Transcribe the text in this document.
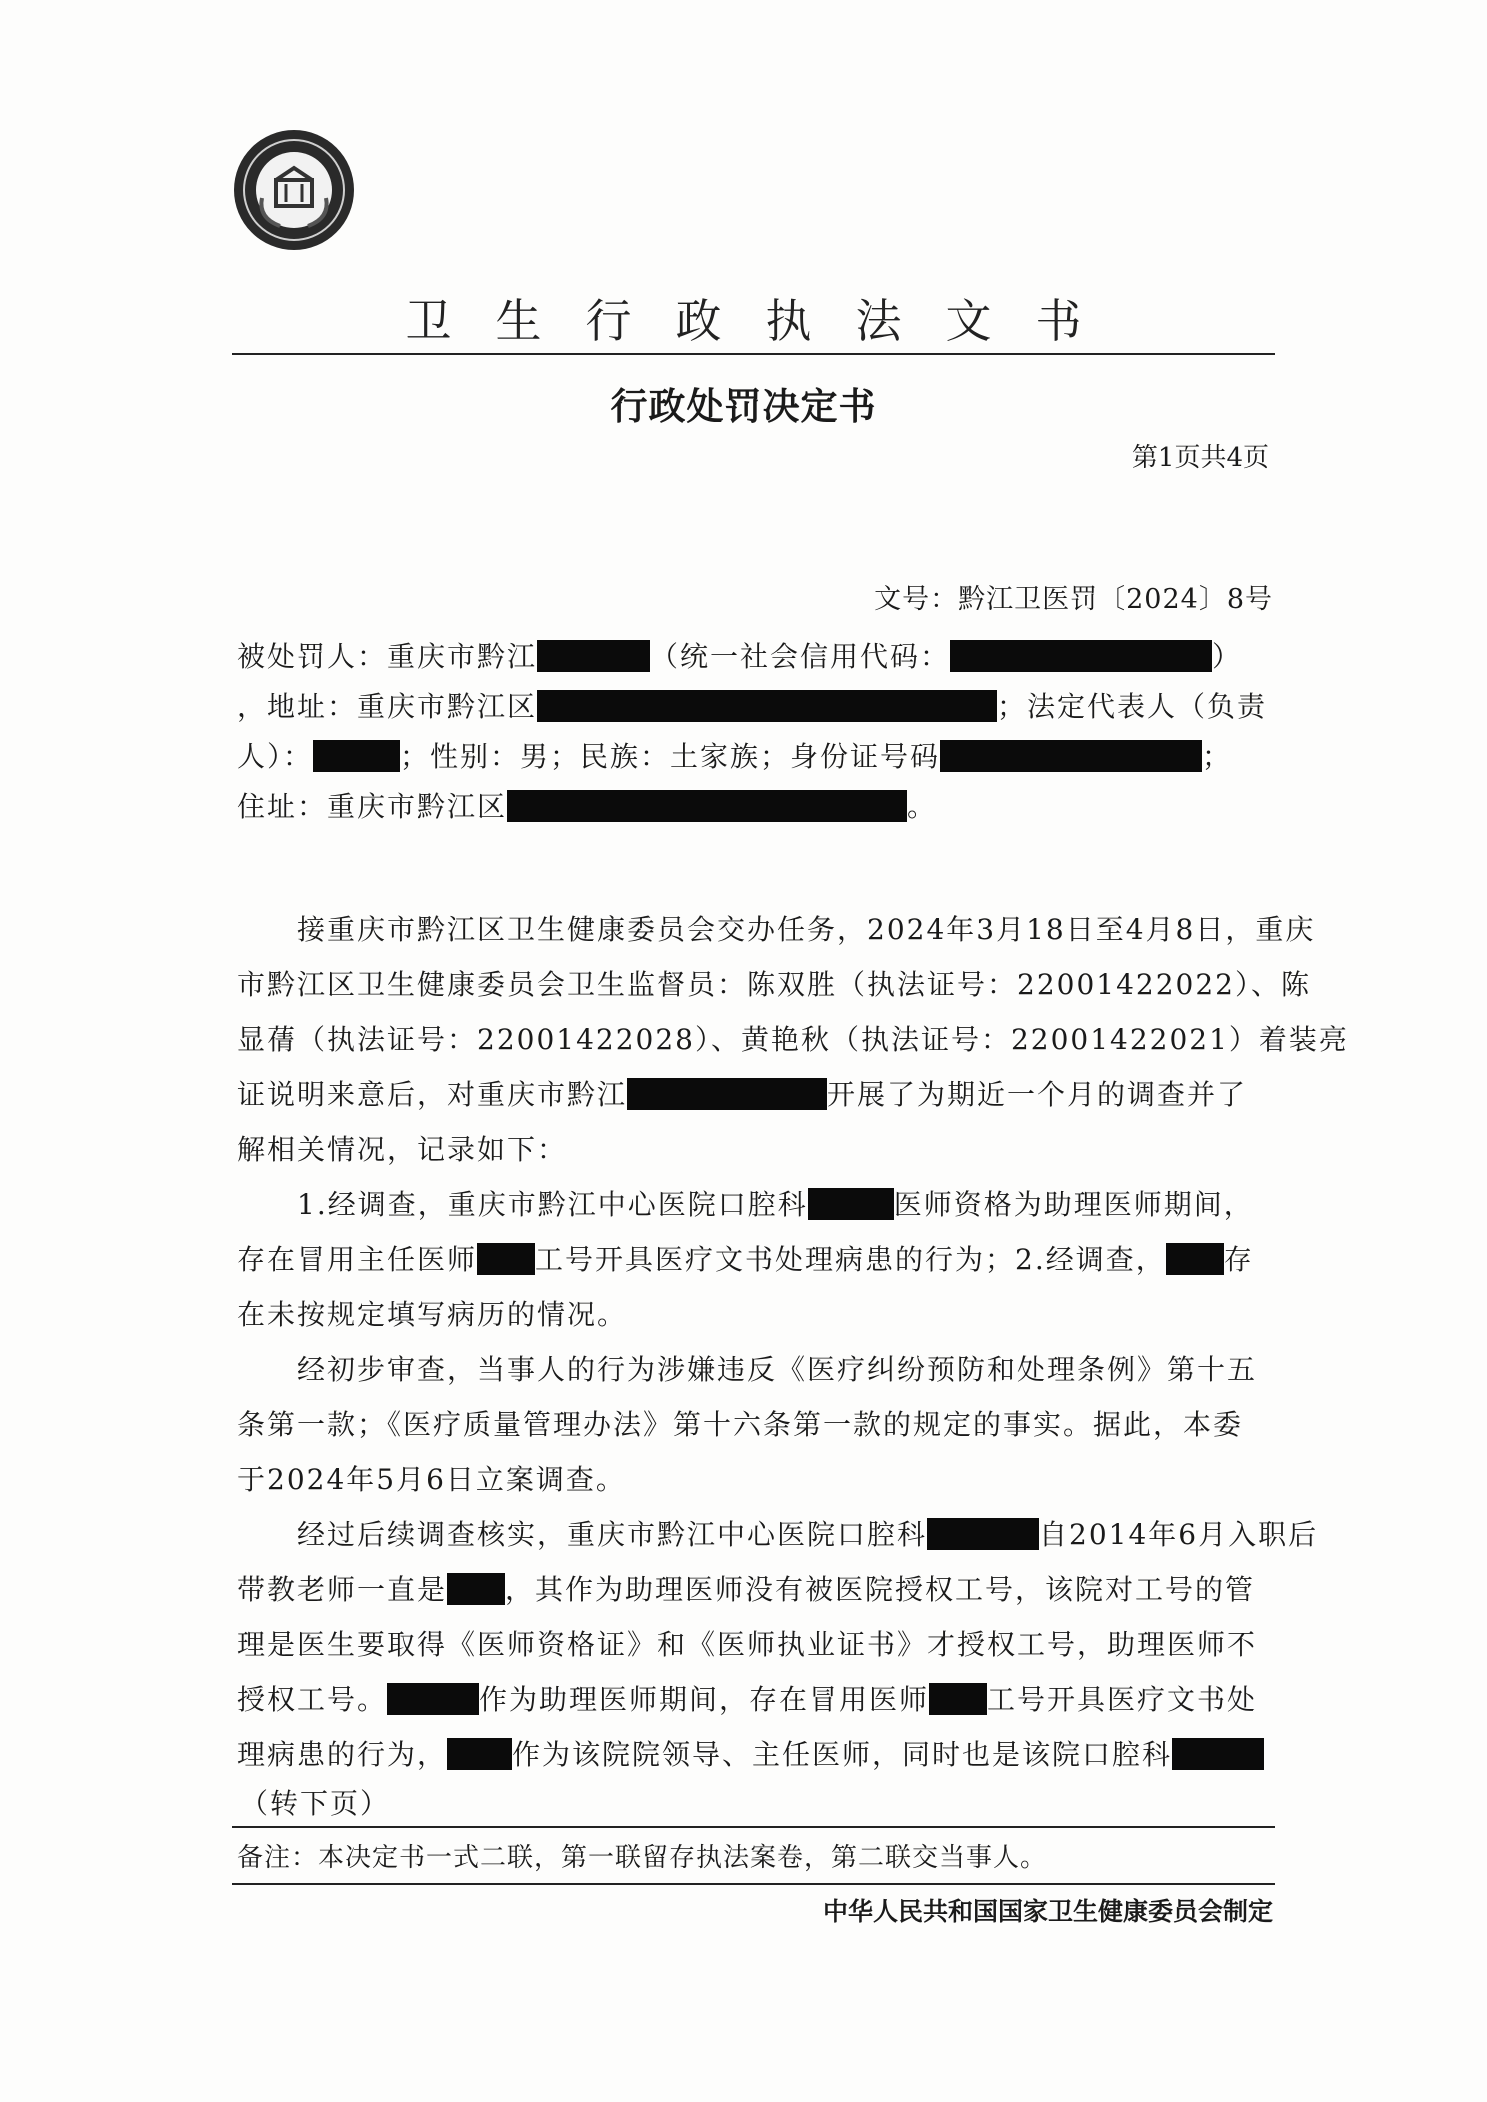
卫生行政执法文书
行政处罚决定书
第1页共4页
文号：黔江卫医罚〔2024〕8号
被处罚人：重庆市黔江	（统一社会信用代码：	）
，地址：重庆市黔江区	；法定代表人（负责
人）：	；性别：男；民族：土家族；身份证号码	；
住址：重庆市黔江区	。
接重庆市黔江区卫生健康委员会交办任务，2024年3月18日至4月8日，重庆
市黔江区卫生健康委员会卫生监督员：陈双胜（执法证号：22001422022）、陈
显蒨（执法证号：22001422028）、黄艳秋（执法证号：22001422021）着装亮
证说明来意后，对重庆市黔江	开展了为期近一个月的调查并了
解相关情况，记录如下：
1.经调查，重庆市黔江中心医院口腔科	医师资格为助理医师期间，
存在冒用主任医师 工号开具医疗文书处理病患的行为；2.经调查， 存
在未按规定填写病历的情况。
经初步审查，当事人的行为涉嫌违反《医疗纠纷预防和处理条例》第十五
条第一款；《医疗质量管理办法》第十六条第一款的规定的事实。据此，本委
于2024年5月6日立案调查。
经过后续调查核实，重庆市黔江中心医院口腔科	自2014年6月入职后
带教老师一直是 ，其作为助理医师没有被医院授权工号，该院对工号的管
理是医生要取得《医师资格证》和《医师执业证书》才授权工号，助理医师不
授权工号。	作为助理医师期间，存在冒用医师 工号开具医疗文书处
理病患的行为， 作为该院院领导、主任医师，同时也是该院口腔科
（转下页）
备注：本决定书一式二联，第一联留存执法案卷，第二联交当事人。
中华人民共和国国家卫生健康委员会制定
